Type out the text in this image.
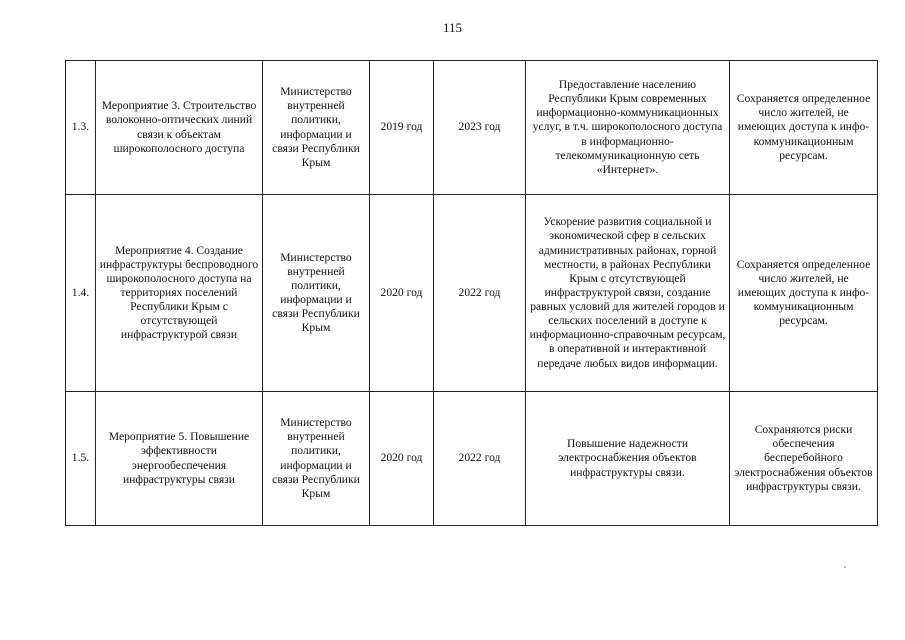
115
1.3.	Мероприятие 3. Строительство волоконно-оптических линий связи к объектам широкополосного доступа	Министерство внутренней политики, информации и связи Республики Крым	2019 год	2023 год	Предоставление населению Республики Крым современных информационно-коммуникационных услуг, в т.ч. широкополосного доступа в информационно-телекоммуникационную сеть «Интернет».	Сохраняется определенное число жителей, не имеющих доступа к инфо-коммуникационным ресурсам.
1.4.	Мероприятие 4. Создание инфраструктуры беспроводного широкополосного доступа на территориях поселений Республики Крым с отсутствующей инфраструктурой связи	Министерство внутренней политики, информации и связи Республики Крым	2020 год	2022 год	Ускорение развития социальной и экономической сфер в сельских административных районах, горной местности, в районах Республики Крым с отсутствующей инфраструктурой связи, создание равных условий для жителей городов и сельских поселений в доступе к информационно-справочным ресурсам, в оперативной и интерактивной передаче любых видов информации.	Сохраняется определенное число жителей, не имеющих доступа к инфо-коммуникационным ресурсам.
1.5.	Мероприятие 5. Повышение эффективности энергообеспечения инфраструктуры связи	Министерство внутренней политики, информации и связи Республики Крым	2020 год	2022 год	Повышение надежности электроснабжения объектов инфраструктуры связи.	Сохраняются риски обеспечения бесперебойного электроснабжения объектов инфраструктуры связи.
